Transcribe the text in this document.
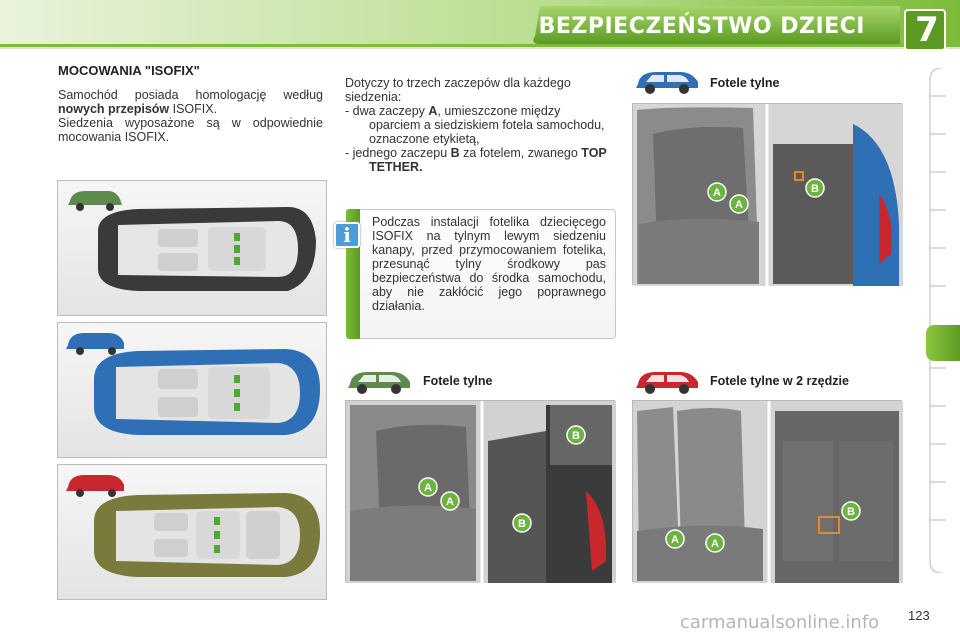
BEZPIECZEŃSTWO DZIECI 7
MOCOWANIA "ISOFIX"
Samochód posiada homologację według nowych przepisów ISOFIX.
Siedzenia wyposażone są w odpowiednie mocowania ISOFIX.
Dotyczy to trzech zaczepów dla każdego siedzenia:
- dwa zaczepy A, umieszczone między oparciem a siedziskiem fotela samochodu, oznaczone etykietą,
- jednego zaczepu B za fotelem, zwanego TOP TETHER.
i
Podczas instalacji fotelika dziecięcego ISOFIX na tylnym lewym siedzeniu kanapy, przed przymocowaniem fotelika, przesunąć tylny środkowy pas bezpieczeństwa do środka samochodu, aby nie zakłócić jego poprawnego działania.
Fotele tylne
A
A
B
Fotele tylne
A
A
B
B
Fotele tylne w 2 rzędzie
A	A
B
carmanualsonline.info 123
